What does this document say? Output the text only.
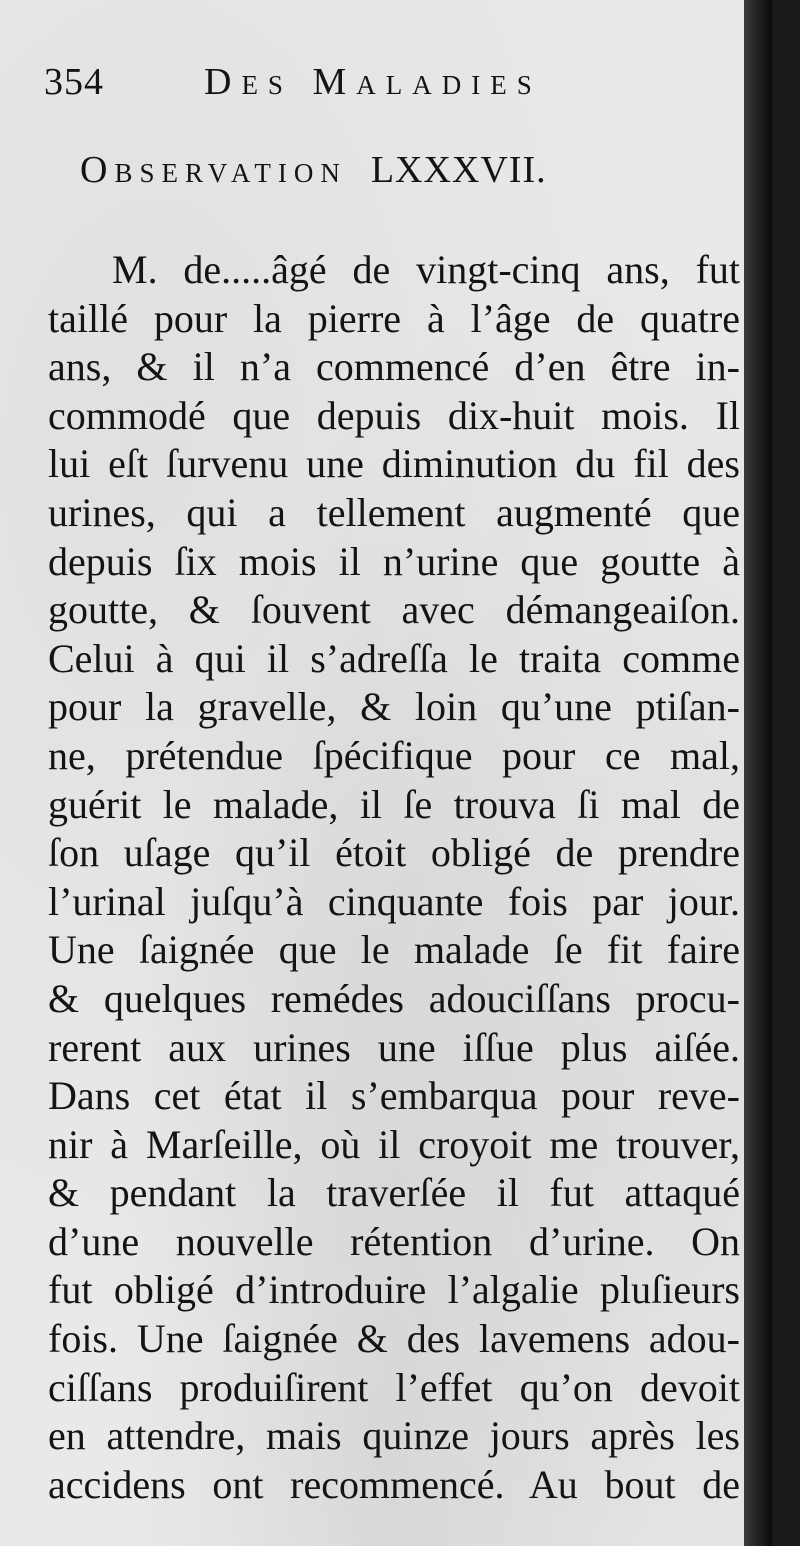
354	Des Maladies
Observation LXXXVII.
M. de.....âgé de vingt-cinq ans, fut
taillé pour la pierre à l’âge de quatre
ans, & il n’a commencé d’en être in-
commodé que depuis dix-huit mois. Il
lui eſt ſurvenu une diminution du fil des
urines, qui a tellement augmenté que
depuis ſix mois il n’urine que goutte à
goutte, & ſouvent avec démangeaiſon.
Celui à qui il s’adreſſa le traita comme
pour la gravelle, & loin qu’une ptiſan-
ne, prétendue ſpécifique pour ce mal,
guérit le malade, il ſe trouva ſi mal de
ſon uſage qu’il étoit obligé de prendre
l’urinal juſqu’à cinquante fois par jour.
Une ſaignée que le malade ſe fit faire
& quelques remédes adouciſſans procu-
rerent aux urines une iſſue plus aiſée.
Dans cet état il s’embarqua pour reve-
nir à Marſeille, où il croyoit me trouver,
& pendant la traverſée il fut attaqué
d’une nouvelle rétention d’urine. On
fut obligé d’introduire l’algalie pluſieurs
fois. Une ſaignée & des lavemens adou-
ciſſans produiſirent l’effet qu’on devoit
en attendre, mais quinze jours après les
accidens ont recommencé. Au bout de
